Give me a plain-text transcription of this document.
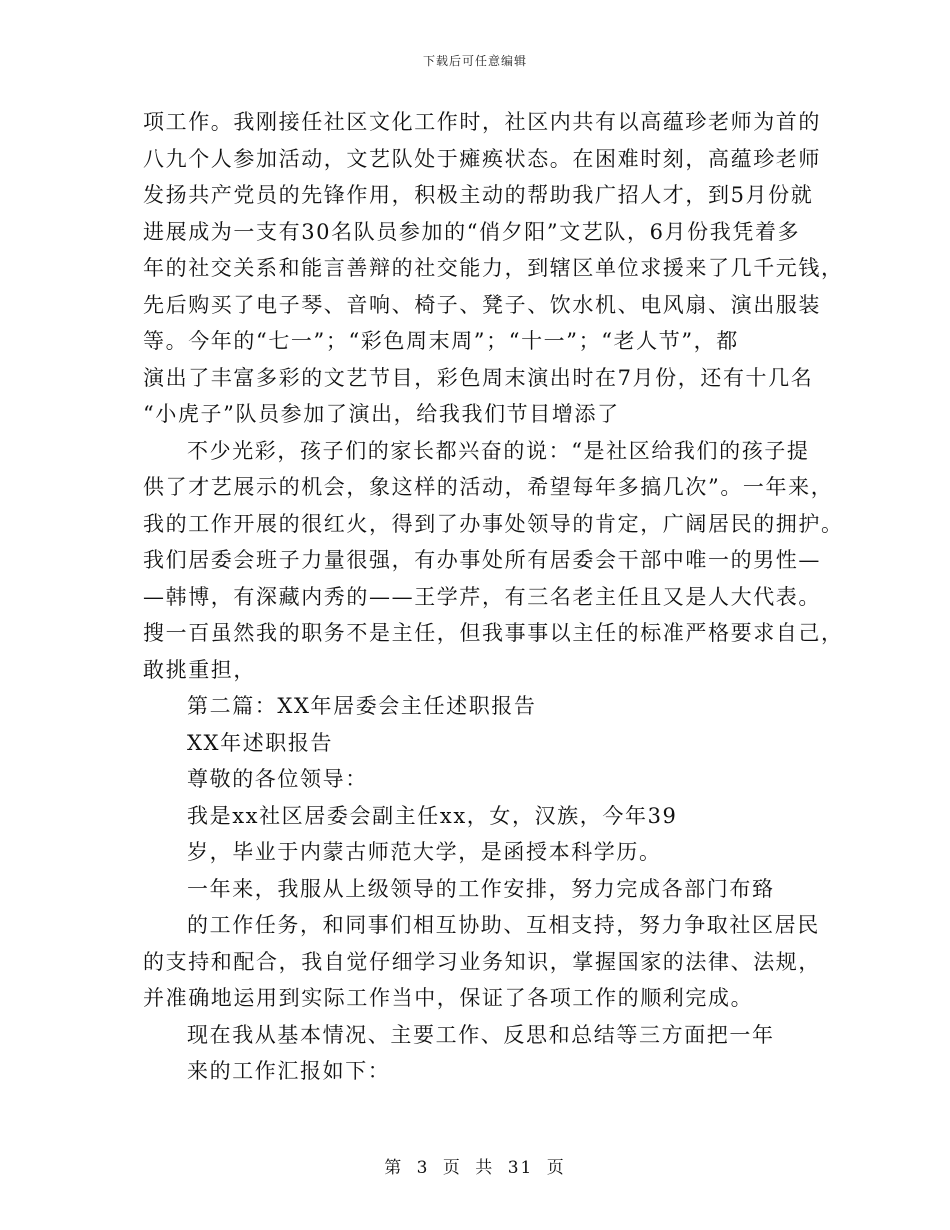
下载后可任意编辑
项工作。我刚接任社区文化工作时，社区内共有以高蕴珍老师为首的
八九个人参加活动，文艺队处于瘫痪状态。在困难时刻，高蕴珍老师
发扬共产党员的先锋作用，积极主动的帮助我广招人才，到5月份就
进展成为一支有30名队员参加的“俏夕阳”文艺队，6月份我凭着多
年的社交关系和能言善辩的社交能力，到辖区单位求援来了几千元钱，
先后购买了电子琴、音响、椅子、凳子、饮水机、电风扇、演出服装
等。今年的“七一”；“彩色周末周”；“十一”；“老人节”，都
演出了丰富多彩的文艺节目，彩色周末演出时在7月份，还有十几名
“小虎子”队员参加了演出，给我我们节目增添了
不少光彩，孩子们的家长都兴奋的说：“是社区给我们的孩子提
供了才艺展示的机会，象这样的活动，希望每年多搞几次”。一年来，
我的工作开展的很红火，得到了办事处领导的肯定，广阔居民的拥护。
我们居委会班子力量很强，有办事处所有居委会干部中唯一的男性—
—韩博，有深藏内秀的——王学芹，有三名老主任且又是人大代表。
搜一百虽然我的职务不是主任，但我事事以主任的标准严格要求自己，
敢挑重担，
第二篇：XX年居委会主任述职报告
XX年述职报告
尊敬的各位领导：
我是xx社区居委会副主任xx，女，汉族，今年39
岁，毕业于内蒙古师范大学，是函授本科学历。
一年来，我服从上级领导的工作安排，努力完成各部门布臵
的工作任务，和同事们相互协助、互相支持，努力争取社区居民
的支持和配合，我自觉仔细学习业务知识，掌握国家的法律、法规，
并准确地运用到实际工作当中，保证了各项工作的顺利完成。
现在我从基本情况、主要工作、反思和总结等三方面把一年
来的工作汇报如下：
第 3 页 共 31 页
